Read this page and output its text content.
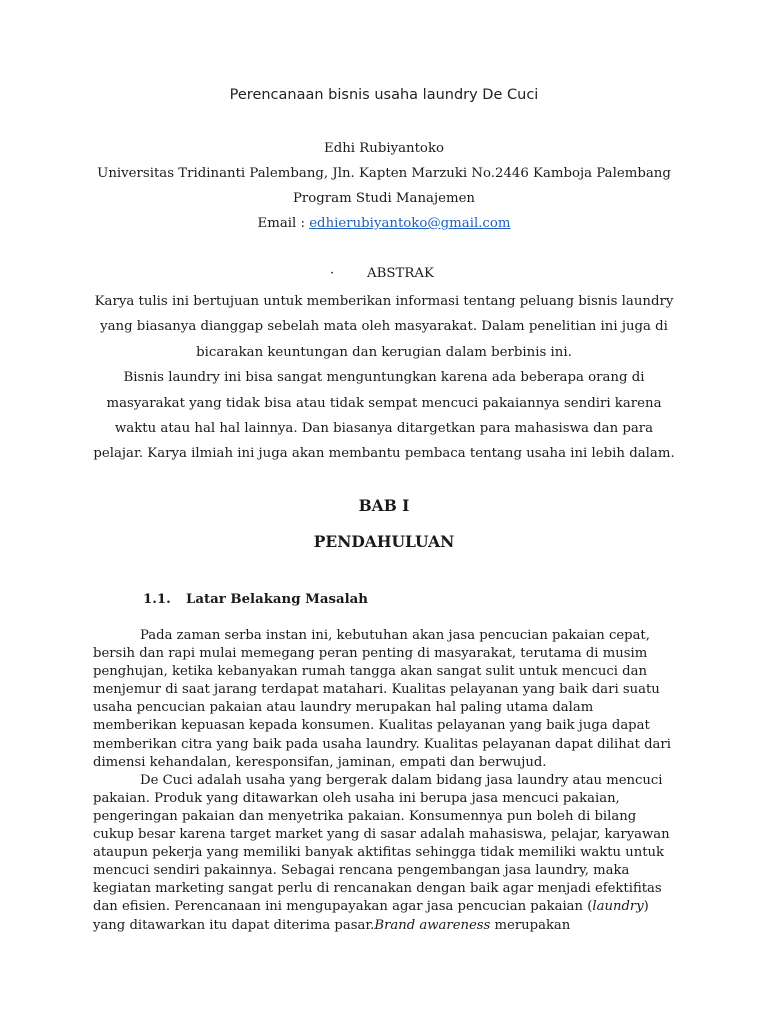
Perencanaan bisnis usaha laundry De Cuci
Edhi Rubiyantoko
Universitas Tridinanti Palembang, Jln. Kapten Marzuki No.2446 Kamboja Palembang
Program Studi Manajemen
Email : edhierubiyantoko@gmail.com
· ABSTRAK

Karya tulis ini bertujuan untuk memberikan informasi tentang peluang bisnis laundry yang biasanya dianggap sebelah mata oleh masyarakat. Dalam penelitian ini juga di bicarakan keuntungan dan kerugian dalam berbinis ini.

Bisnis laundry ini bisa sangat menguntungkan karena ada beberapa orang di masyarakat yang tidak bisa atau tidak sempat mencuci pakaiannya sendiri karena waktu atau hal hal lainnya. Dan biasanya ditargetkan para mahasiswa dan para pelajar. Karya ilmiah ini juga akan membantu pembaca tentang usaha ini lebih dalam.

BAB I
PENDAHULUAN
1.1. Latar Belakang Masalah

Pada zaman serba instan ini, kebutuhan akan jasa pencucian pakaian cepat, bersih dan rapi mulai memegang peran penting di masyarakat, terutama di musim penghujan, ketika kebanyakan rumah tangga akan sangat sulit untuk mencuci dan menjemur di saat jarang terdapat matahari. Kualitas pelayanan yang baik dari suatu usaha pencucian pakaian atau laundry merupakan hal paling utama dalam memberikan kepuasan kepada konsumen. Kualitas pelayanan yang baik juga dapat memberikan citra yang baik pada usaha laundry. Kualitas pelayanan dapat dilihat dari dimensi kehandalan, keresponsifan, jaminan, empati dan berwujud.

De Cuci adalah usaha yang bergerak dalam bidang jasa laundry atau mencuci pakaian. Produk yang ditawarkan oleh usaha ini berupa jasa mencuci pakaian, pengeringan pakaian dan menyetrika pakaian. Konsumennya pun boleh di bilang cukup besar karena target market yang di sasar adalah mahasiswa, pelajar, karyawan ataupun pekerja yang memiliki banyak aktifitas sehingga tidak memiliki waktu untuk mencuci sendiri pakainnya. Sebagai rencana pengembangan jasa laundry, maka kegiatan marketing sangat perlu di rencanakan dengan baik agar menjadi efektifitas dan efisien. Perencanaan ini mengupayakan agar jasa pencucian pakaian (laundry) yang ditawarkan itu dapat diterima pasar.Brand awareness merupakan
